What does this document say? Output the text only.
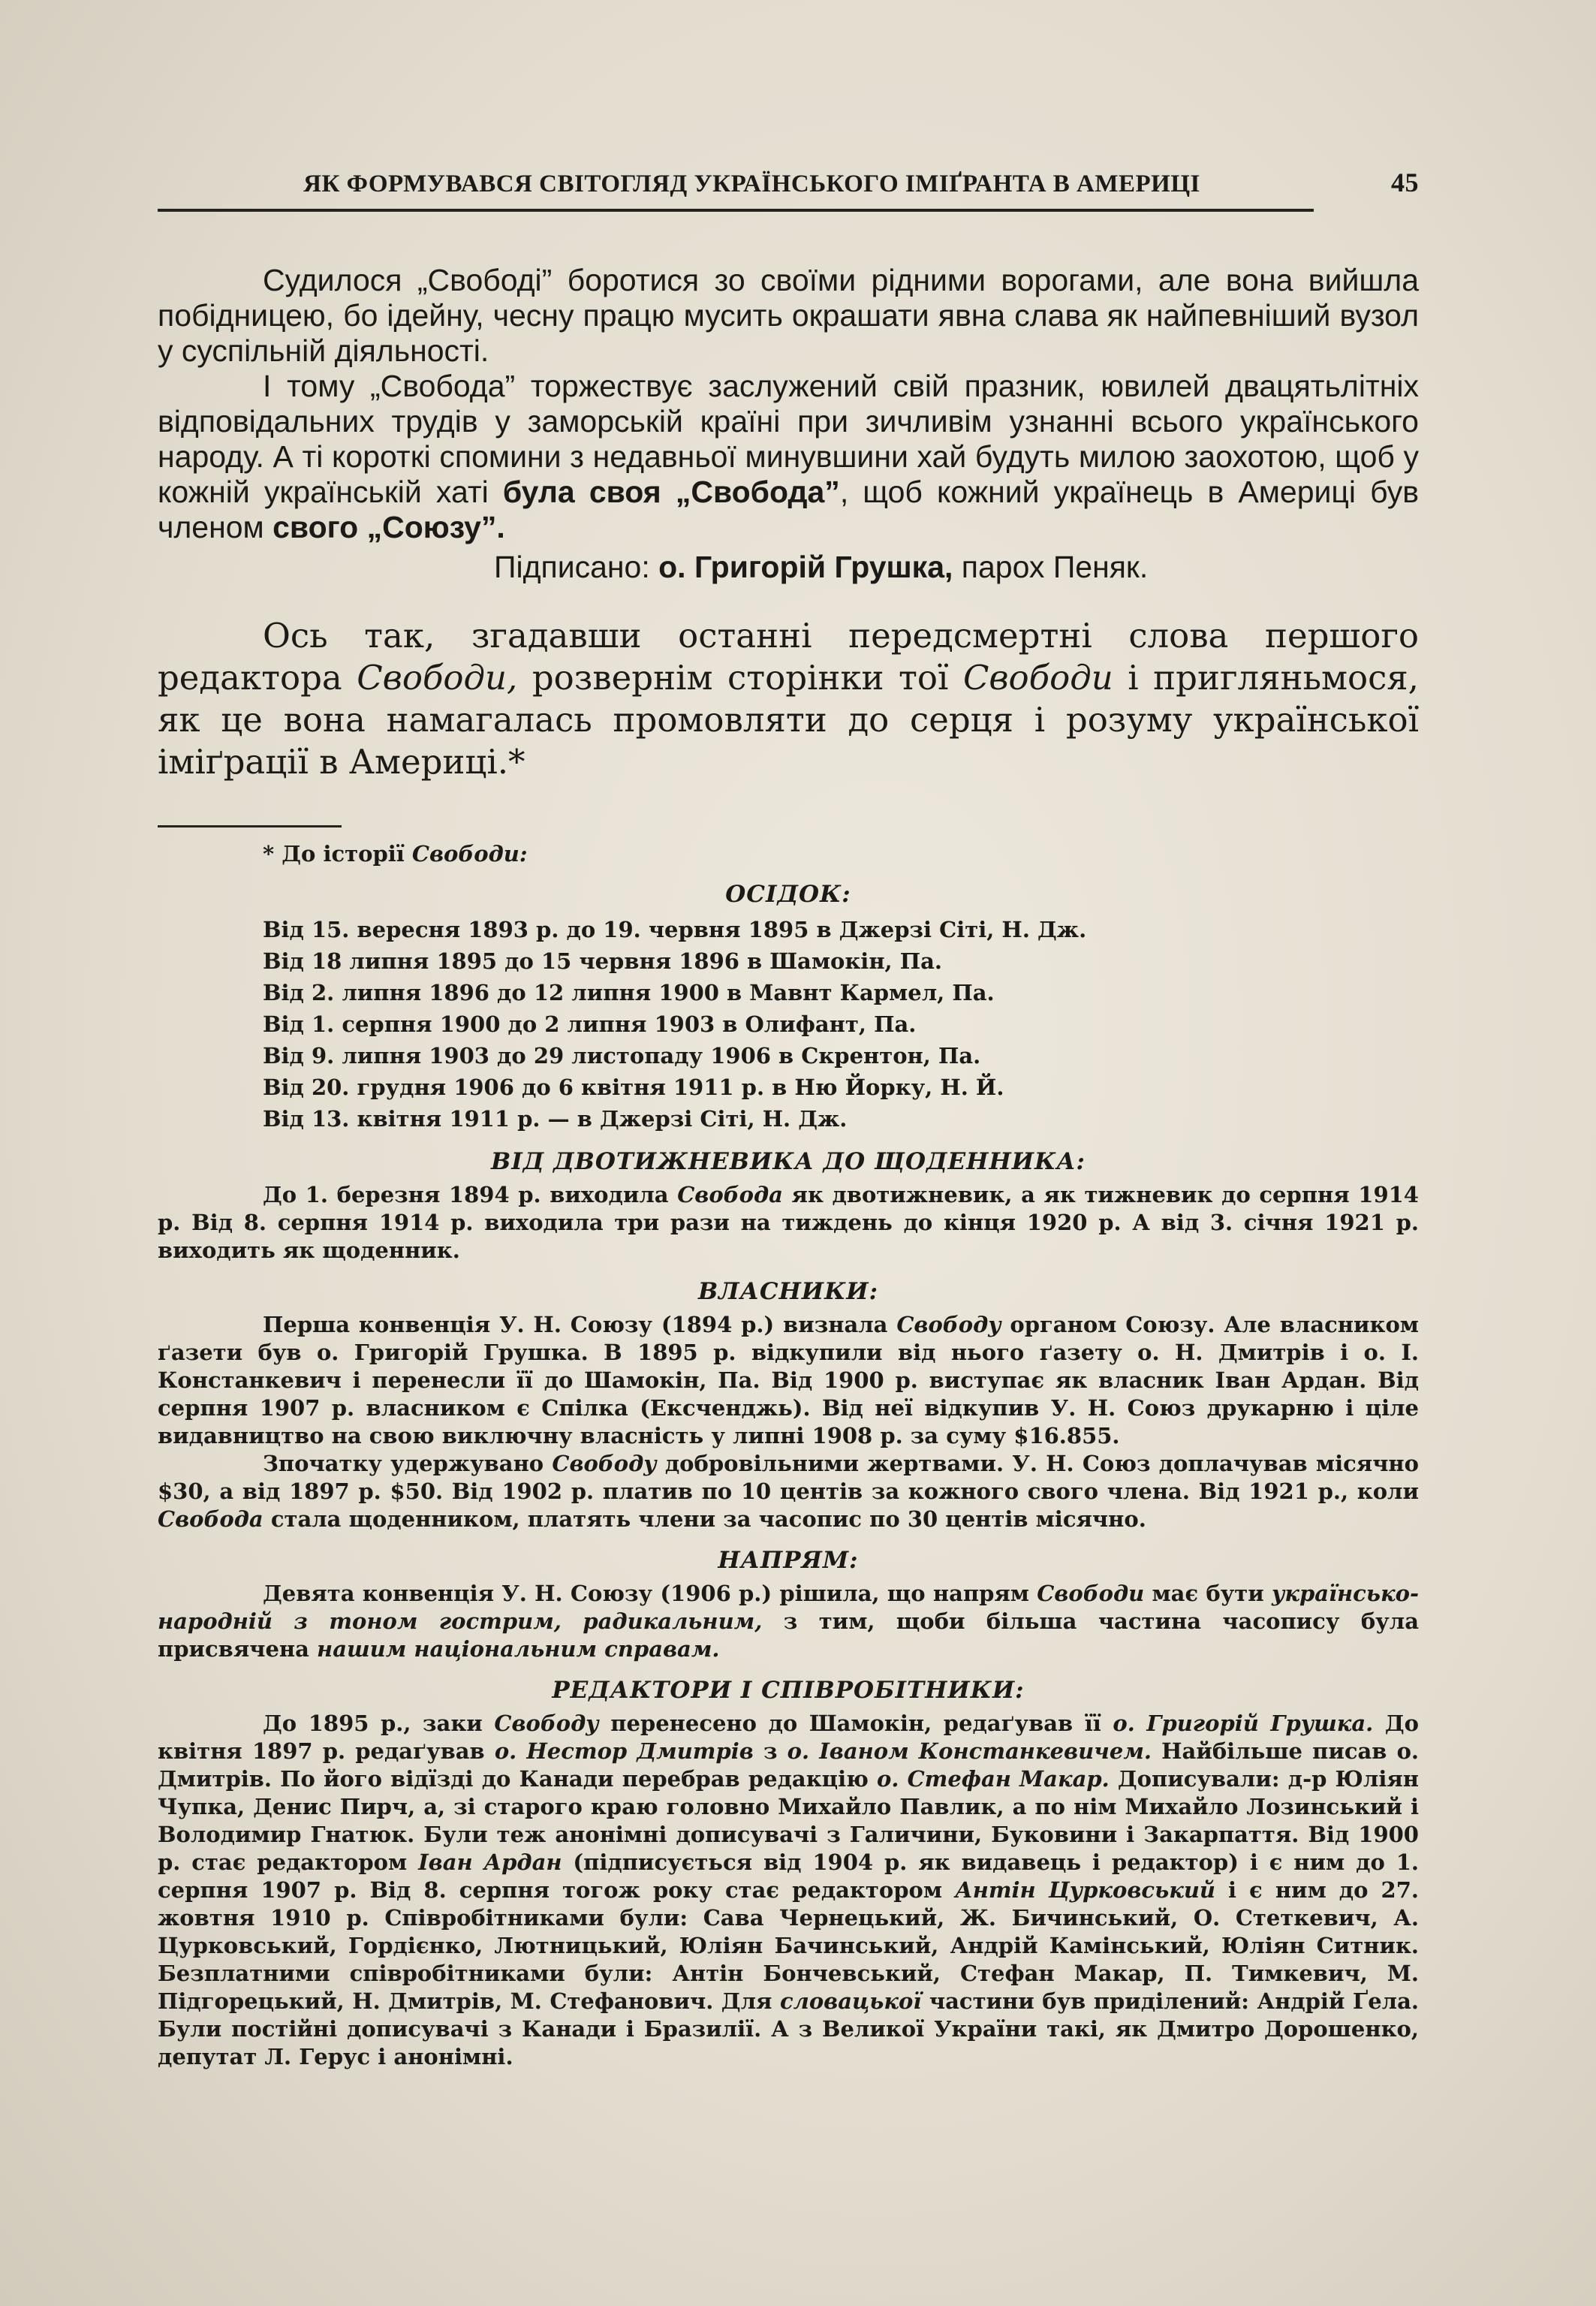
ЯК ФОРМУВАВСЯ СВІТОГЛЯД УКРАЇНСЬКОГО ІМІҐРАНТА В АМЕРИЦІ	45

Судилося „Свободі” боротися зо своїми рідними ворогами, але вона вийшла побідницею, бо ідейну, чесну працю мусить окрашати явна слава як найпевніший вузол у суспільній діяльності.

І тому „Свобода” торжествує заслужений свій празник, ювилей двацятьлітніх відповідальних трудів у заморській країні при зичливім узнанні всього українського народу. А ті короткі спомини з недавньої минувшини хай будуть милою заохотою, щоб у кожній українській хаті була своя „Свобода”, щоб кожний українець в Америці був членом свого „Союзу”.

Підписано: о. Григорій Грушка, парох Пеняк.

Ось так, згадавши останні передсмертні слова першого редактора Свободи, розвернім сторінки тої Свободи і пригляньмося, як це вона намагалась промовляти до серця і розуму української іміґрації в Америці.*

* До історії Свободи:
ОСІДОК:
Від 15. вересня 1893 р. до 19. червня 1895 в Джерзі Сіті, Н. Дж.
Від 18 липня 1895 до 15 червня 1896 в Шамокін, Па.
Від 2. липня 1896 до 12 липня 1900 в Мавнт Кармел, Па.
Від 1. серпня 1900 до 2 липня 1903 в Олифант, Па.
Від 9. липня 1903 до 29 листопаду 1906 в Скрентон, Па.
Від 20. грудня 1906 до 6 квітня 1911 р. в Ню Йорку, Н. Й.
Від 13. квітня 1911 р. — в Джерзі Сіті, Н. Дж.
ВІД ДВОТИЖНЕВИКА ДО ЩОДЕННИКА:

До 1. березня 1894 р. виходила Свобода як двотижневик, а як тижневик до серпня 1914 р. Від 8. серпня 1914 р. виходила три рази на тиждень до кінця 1920 р. А від 3. січня 1921 р. виходить як щоденник.

ВЛАСНИКИ:

Перша конвенція У. Н. Союзу (1894 р.) визнала Свободу органом Союзу. Але власником ґазети був о. Григорій Грушка. В 1895 р. відкупили від нього ґазету о. Н. Дмитрів і о. І. Констанкевич і перенесли її до Шамокін, Па. Від 1900 р. виступає як власник Іван Ардан. Від серпня 1907 р. власником є Спілка (Ексченджь). Від неї відкупив У. Н. Союз друкарню і ціле видавництво на свою виключну власність у липні 1908 р. за суму $16.855.

Зпочатку удержувано Свободу добровільними жертвами. У. Н. Союз доплачував місячно $30, а від 1897 р. $50. Від 1902 р. платив по 10 центів за кожного свого члена. Від 1921 р., коли Свобода стала щоденником, платять члени за часопис по 30 центів місячно.

НАПРЯМ:

Девята конвенція У. Н. Союзу (1906 р.) рішила, що напрям Свободи має бути українсько-народній з тоном гострим, радикальним, з тим, щоби більша частина часопису була присвячена нашим національним справам.

РЕДАКТОРИ І СПІВРОБІТНИКИ:

До 1895 р., заки Свободу перенесено до Шамокін, редаґував її о. Григорій Грушка. До квітня 1897 р. редаґував о. Нестор Дмитрів з о. Іваном Констанкевичем. Найбільше писав о. Дмитрів. По його відїзді до Канади перебрав редакцію о. Стефан Макар. Дописували: д-р Юліян Чупка, Денис Пирч, а, зі старого краю головно Михайло Павлик, а по нім Михайло Лозинський і Володимир Гнатюк. Були теж анонімні дописувачі з Галичини, Буковини і Закарпаття. Від 1900 р. стає редактором Іван Ардан (підписується від 1904 р. як видавець і редактор) і є ним до 1. серпня 1907 р. Від 8. серпня тогож року стає редактором Антін Цурковський і є ним до 27. жовтня 1910 р. Співробітниками були: Сава Чернецький, Ж. Бичинський, О. Стеткевич, А. Цурковський, Гордієнко, Лютницький, Юліян Бачинський, Андрій Камінський, Юліян Ситник. Безплатними співробітниками були: Антін Бончевський, Стефан Макар, П. Тимкевич, М. Підгорецький, Н. Дмитрів, М. Стефанович. Для словацької частини був приділений: Андрій Ґела. Були постійні дописувачі з Канади і Бразилії. А з Великої України такі, як Дмитро Дорошенко, депутат Л. Герус і анонімні.
